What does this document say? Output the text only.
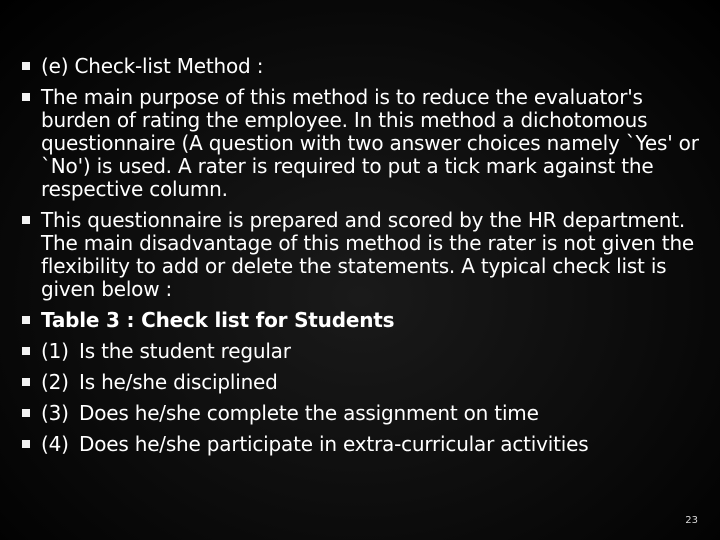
(e) Check-list Method :
The main purpose of this method is to reduce the evaluator's burden of rating the employee. In this method a dichotomous questionnaire (A question with two answer choices namely `Yes' or `No') is used. A rater is required to put a tick mark against the respective column.
This questionnaire is prepared and scored by the HR department. The main disadvantage of this method is the rater is not given the flexibility to add or delete the statements. A typical check list is given below :
Table 3 : Check list for Students
(1) Is the student regular
(2) Is he/she disciplined
(3) Does he/she complete the assignment on time
(4) Does he/she participate in extra-curricular activities
23
